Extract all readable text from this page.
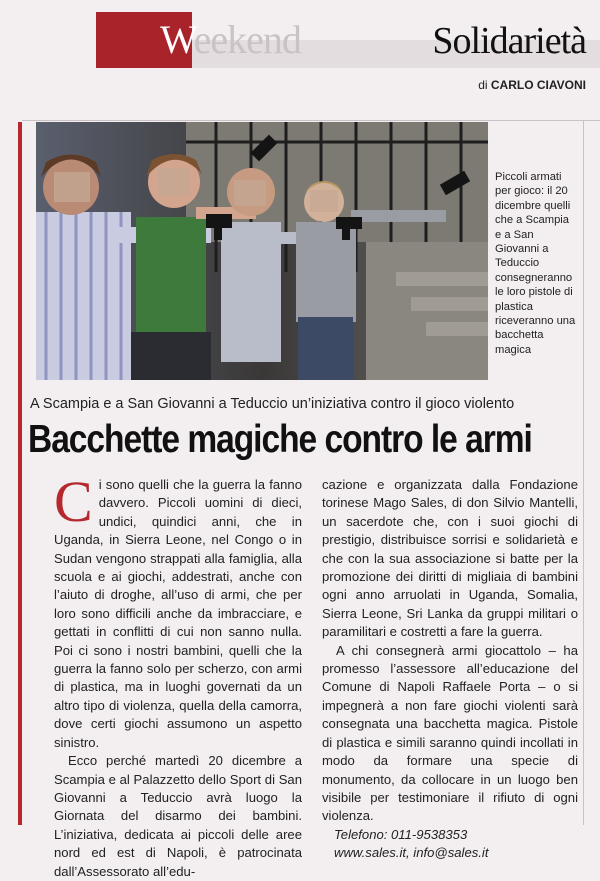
Weekend	Solidarietà
di CARLO CIAVONI
Piccoli armati per gioco: il 20 dicembre quelli che a Scampia e a San Giovanni a Teduccio consegneranno le loro pistole di plastica riceveranno una bacchetta magica
A Scampia e a San Giovanni a Teduccio un’iniziativa contro il gioco violento
Bacchette magiche contro le armi

Ci sono quelli che la guerra la fanno davvero. Piccoli uomini di dieci, undici, quindici anni, che in Uganda, in Sierra Leone, nel Congo o in Sudan vengono strappati alla famiglia, alla scuola e ai giochi, addestrati, anche con l’aiuto di droghe, all’uso di armi, che per loro sono difficili anche da imbracciare, e gettati in conflitti di cui non sanno nulla. Poi ci sono i nostri bambini, quelli che la guerra la fanno solo per scherzo, con armi di plastica, ma in luoghi governati da un altro tipo di violenza, quella della camorra, dove certi giochi assumono un aspetto sinistro.

Ecco perché martedì 20 dicembre a Scampia e al Palazzetto dello Sport di San Giovanni a Teduccio avrà luogo la Giornata del disarmo dei bambini. L’iniziativa, dedicata ai piccoli delle aree nord ed est di Napoli, è patrocinata dall’Assessorato all’edu-

cazione e organizzata dalla Fondazione torinese Mago Sales, di don Silvio Mantelli, un sacerdote che, con i suoi giochi di prestigio, distribuisce sorrisi e solidarietà e che con la sua associazione si batte per la promozione dei diritti di migliaia di bambini ogni anno arruolati in Uganda, Somalia, Sierra Leone, Sri Lanka da gruppi militari o paramilitari e costretti a fare la guerra.

A chi consegnerà armi giocattolo – ha promesso l’assessore all’educazione del Comune di Napoli Raffaele Porta – o si impegnerà a non fare giochi violenti sarà consegnata una bacchetta magica. Pistole di plastica e simili saranno quindi incollati in modo da formare una specie di monumento, da collocare in un luogo ben visibile per testimoniare il rifiuto di ogni violenza.

Telefono: 011-9538353

www.sales.it, info@sales.it
